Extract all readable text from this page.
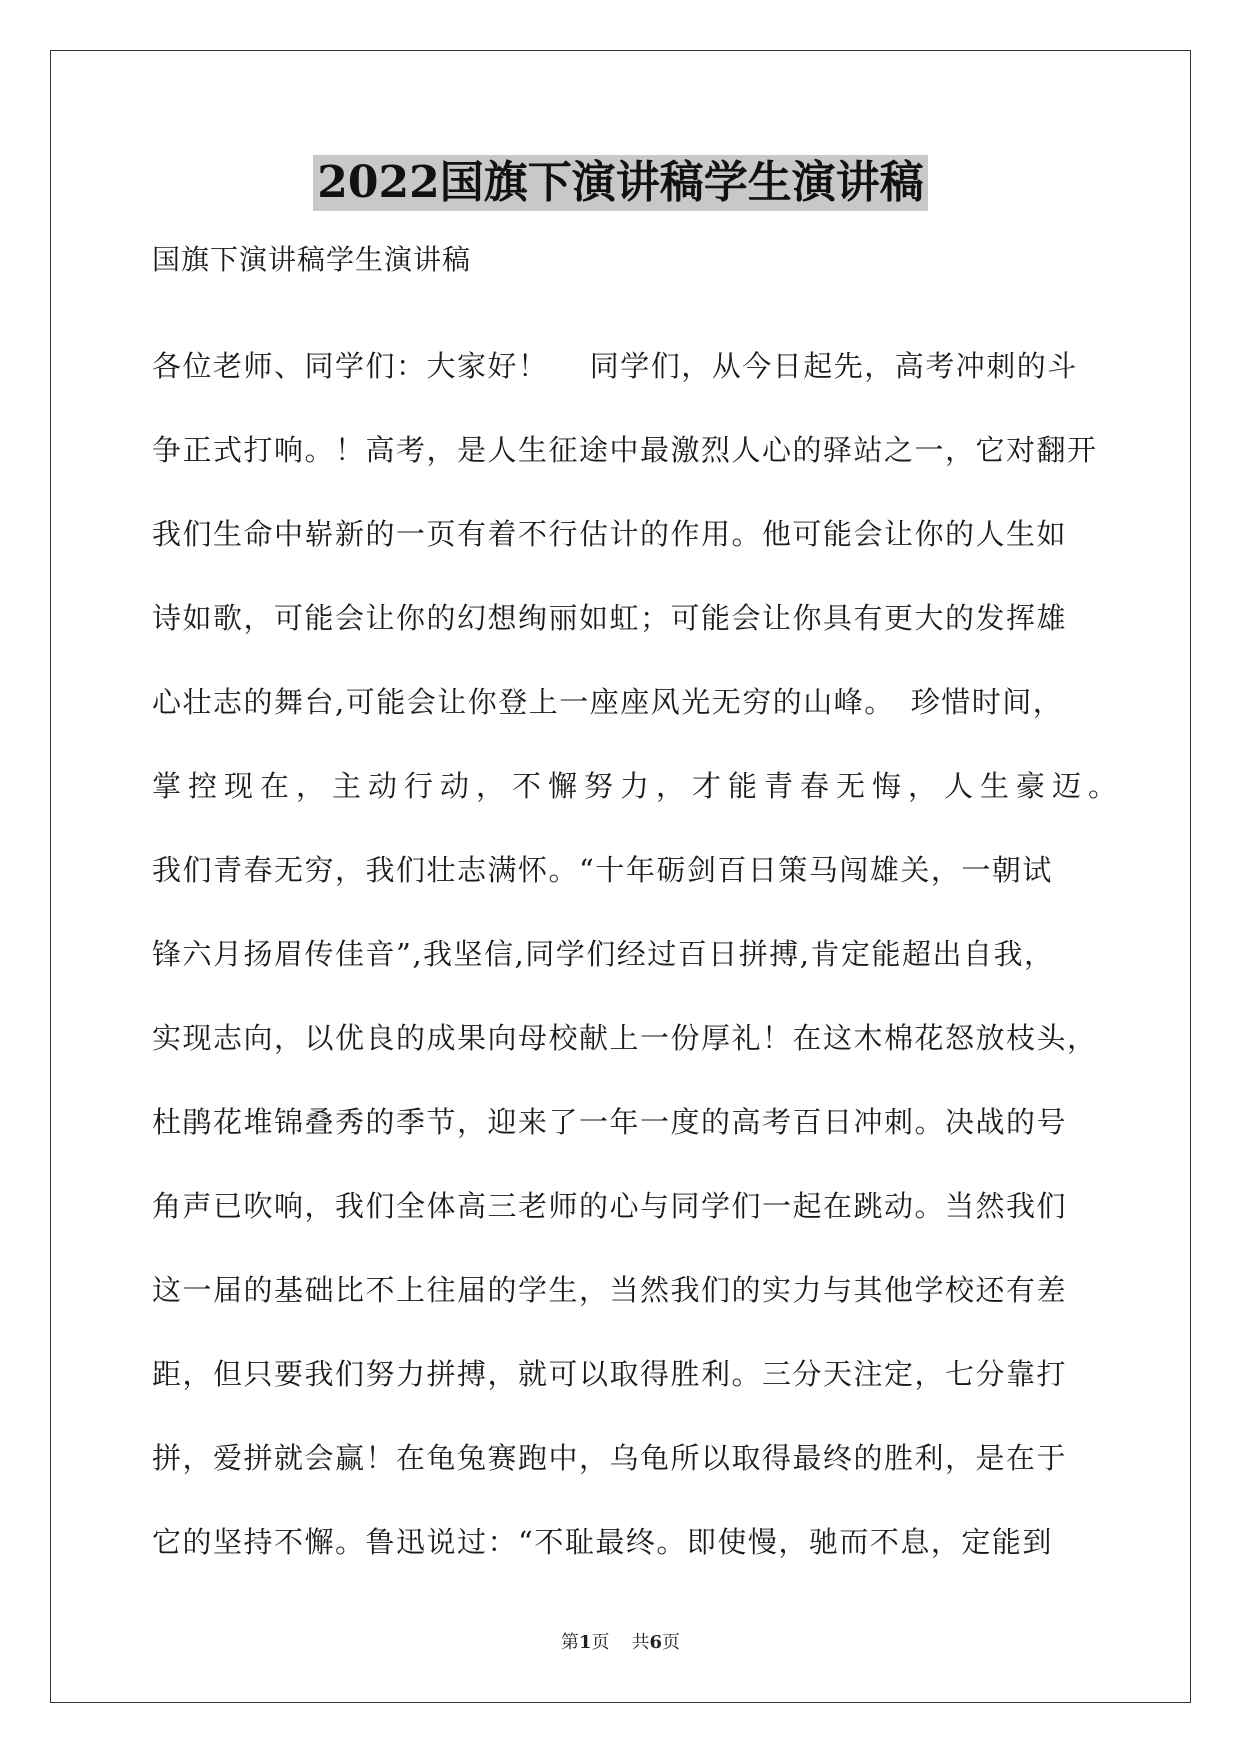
2022国旗下演讲稿学生演讲稿

国旗下演讲稿学生演讲稿

各位老师、同学们：大家好！　 同学们，从今日起先，高考冲刺的斗

争正式打响。！高考，是人生征途中最激烈人心的驿站之一，它对翻开

我们生命中崭新的一页有着不行估计的作用。他可能会让你的人生如

诗如歌，可能会让你的幻想绚丽如虹；可能会让你具有更大的发挥雄

心壮志的舞台,可能会让你登上一座座风光无穷的山峰。　珍惜时间，

掌控现在，主动行动，不懈努力，才能青春无悔，人生豪迈。

我们青春无穷，我们壮志满怀。“十年砺剑百日策马闯雄关，一朝试

锋六月扬眉传佳音”,我坚信,同学们经过百日拼搏,肯定能超出自我，

实现志向，以优良的成果向母校献上一份厚礼！在这木棉花怒放枝头，

杜鹃花堆锦叠秀的季节，迎来了一年一度的高考百日冲刺。决战的号

角声已吹响，我们全体高三老师的心与同学们一起在跳动。当然我们

这一届的基础比不上往届的学生，当然我们的实力与其他学校还有差

距，但只要我们努力拼搏，就可以取得胜利。三分天注定，七分靠打

拼，爱拼就会赢！在龟兔赛跑中，乌龟所以取得最终的胜利，是在于

它的坚持不懈。鲁迅说过：“不耻最终。即使慢，驰而不息，定能到

第1页 共6页
